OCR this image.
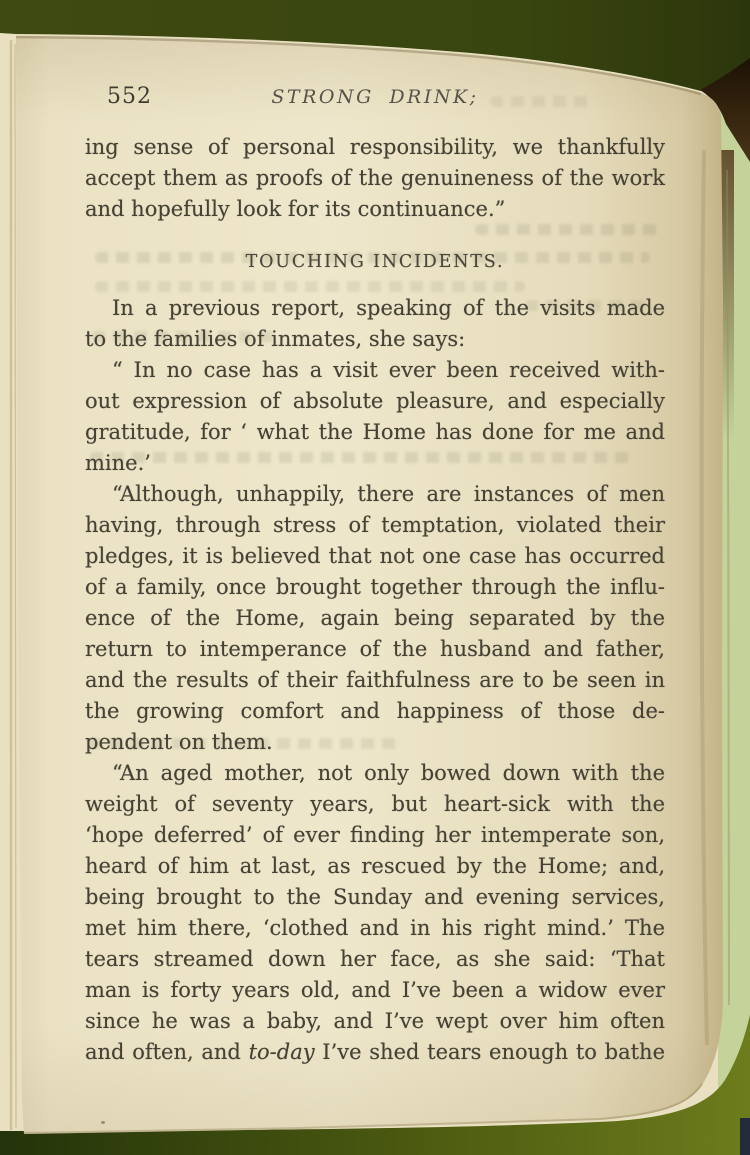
552	STRONG DRINK;
ing sense of personal responsibility, we thankfully
accept them as proofs of the genuineness of the work
and hopefully look for its continuance.”
TOUCHING INCIDENTS.
In a previous report, speaking of the visits made
to the families of inmates, she says:
“ In no case has a visit ever been received with-
out expression of absolute pleasure, and especially
gratitude, for ‘ what the Home has done for me and
mine.’
“Although, unhappily, there are instances of men
having, through stress of temptation, violated their
pledges, it is believed that not one case has occurred
of a family, once brought together through the influ-
ence of the Home, again being separated by the
return to intemperance of the husband and father,
and the results of their faithfulness are to be seen in
the growing comfort and happiness of those de-
pendent on them.
“An aged mother, not only bowed down with the
weight of seventy years, but heart-sick with the
‘hope deferred’ of ever finding her intemperate son,
heard of him at last, as rescued by the Home; and,
being brought to the Sunday and evening services,
met him there, ‘clothed and in his right mind.’ The
tears streamed down her face, as she said: ‘That
man is forty years old, and I’ve been a widow ever
since he was a baby, and I’ve wept over him often
and often, and to-day I’ve shed tears enough to bathe
